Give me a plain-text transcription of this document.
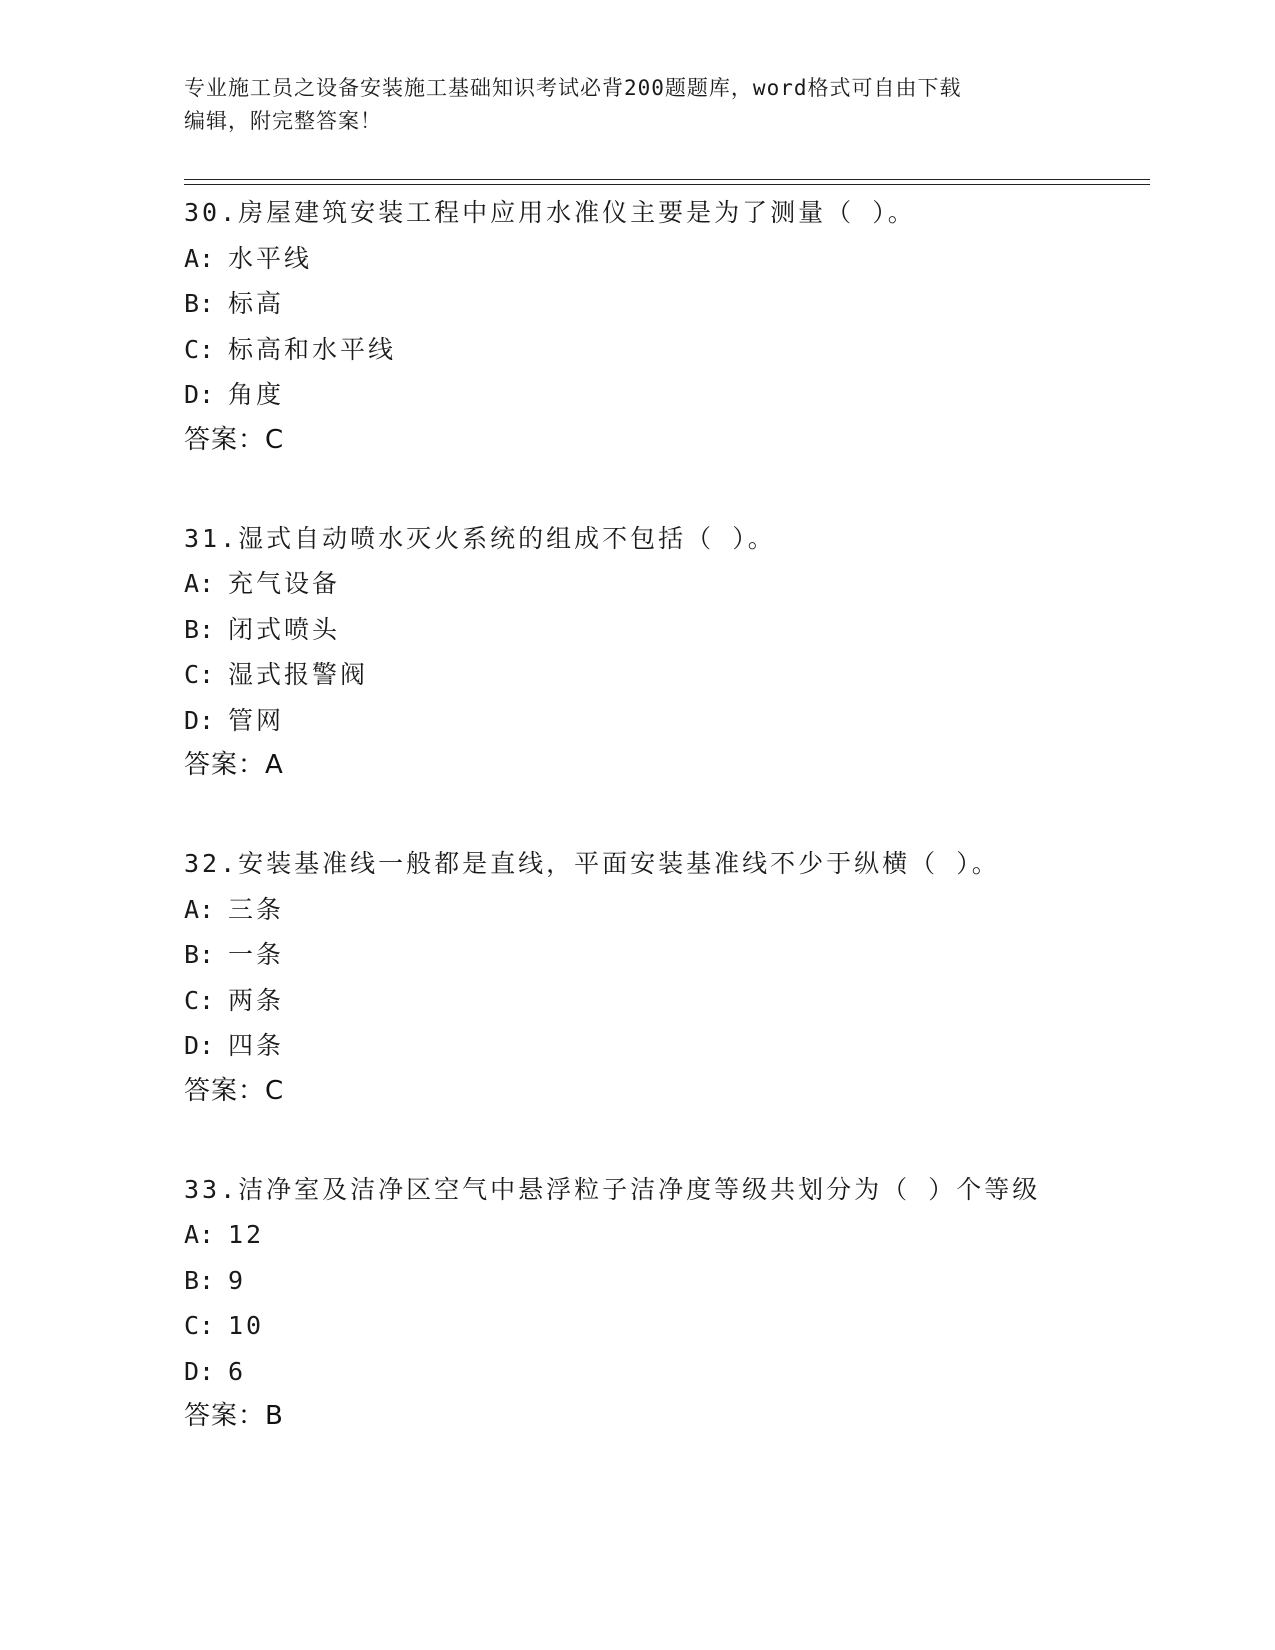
专业施工员之设备安装施工基础知识考试必背200题题库，word格式可自由下载
编辑，附完整答案！
30.房屋建筑安装工程中应用水准仪主要是为了测量（ ）。
A: 水平线
B: 标高
C: 标高和水平线
D: 角度
答案：C
31.湿式自动喷水灭火系统的组成不包括（ ）。
A: 充气设备
B: 闭式喷头
C: 湿式报警阀
D: 管网
答案：A
32.安装基准线一般都是直线，平面安装基准线不少于纵横（ ）。
A: 三条
B: 一条
C: 两条
D: 四条
答案：C
33.洁净室及洁净区空气中悬浮粒子洁净度等级共划分为（ ）个等级
A: 12
B: 9
C: 10
D: 6
答案：B
